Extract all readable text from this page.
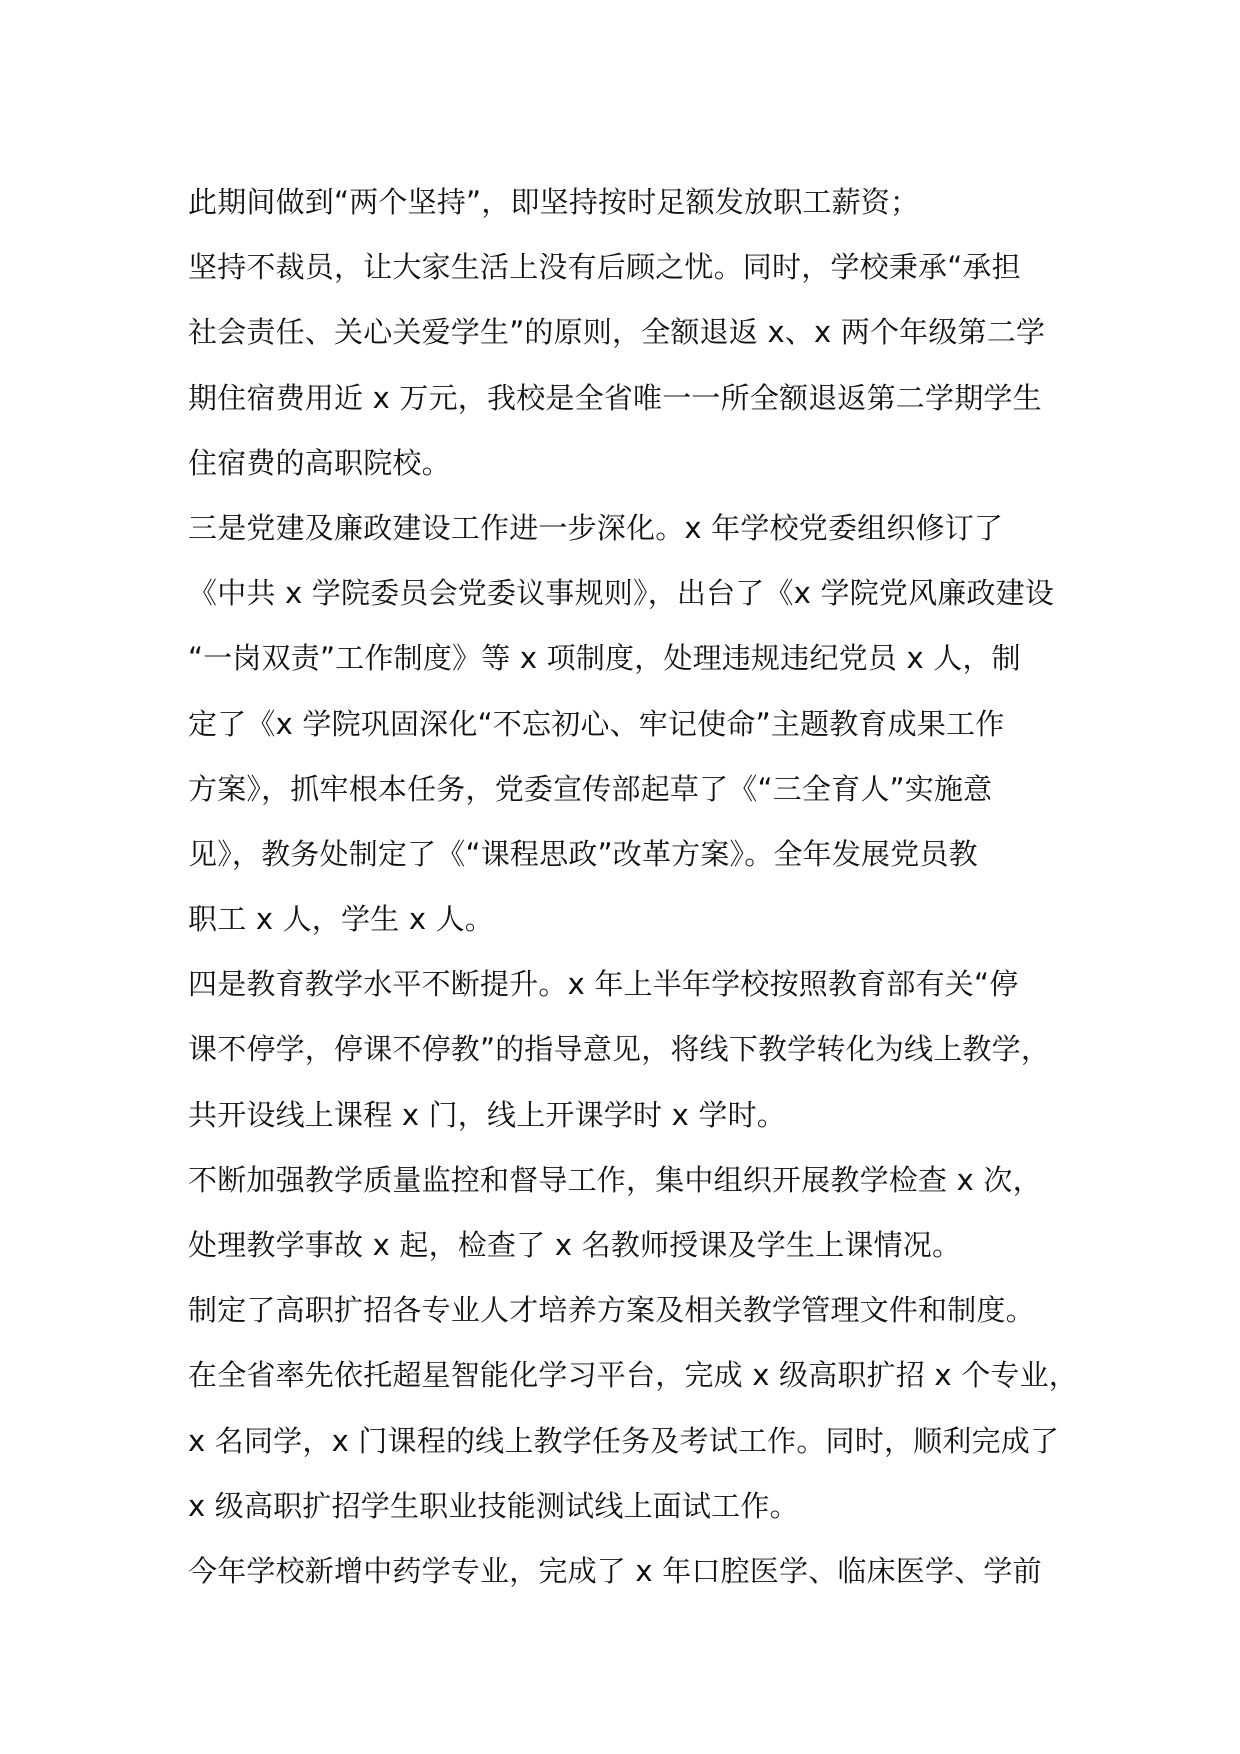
此期间做到“两个坚持”，即坚持按时足额发放职工薪资；
坚持不裁员，让大家生活上没有后顾之忧。同时，学校秉承“承担
社会责任、关心关爱学生”的原则，全额退返 x、x 两个年级第二学
期住宿费用近 x 万元，我校是全省唯一一所全额退返第二学期学生
住宿费的高职院校。
三是党建及廉政建设工作进一步深化。x 年学校党委组织修订了
《中共 x 学院委员会党委议事规则》，出台了《x 学院党风廉政建设
“一岗双责”工作制度》等 x 项制度，处理违规违纪党员 x 人，制
定了《x 学院巩固深化“不忘初心、牢记使命”主题教育成果工作
方案》，抓牢根本任务，党委宣传部起草了《“三全育人”实施意
见》，教务处制定了《“课程思政”改革方案》。全年发展党员教
职工 x 人，学生 x 人。
四是教育教学水平不断提升。x 年上半年学校按照教育部有关“停
课不停学，停课不停教”的指导意见，将线下教学转化为线上教学，
共开设线上课程 x 门，线上开课学时 x 学时。
不断加强教学质量监控和督导工作，集中组织开展教学检查 x 次，
处理教学事故 x 起，检查了 x 名教师授课及学生上课情况。
制定了高职扩招各专业人才培养方案及相关教学管理文件和制度。
在全省率先依托超星智能化学习平台，完成 x 级高职扩招 x 个专业，
x 名同学，x 门课程的线上教学任务及考试工作。同时，顺利完成了
x 级高职扩招学生职业技能测试线上面试工作。
今年学校新增中药学专业，完成了 x 年口腔医学、临床医学、学前
